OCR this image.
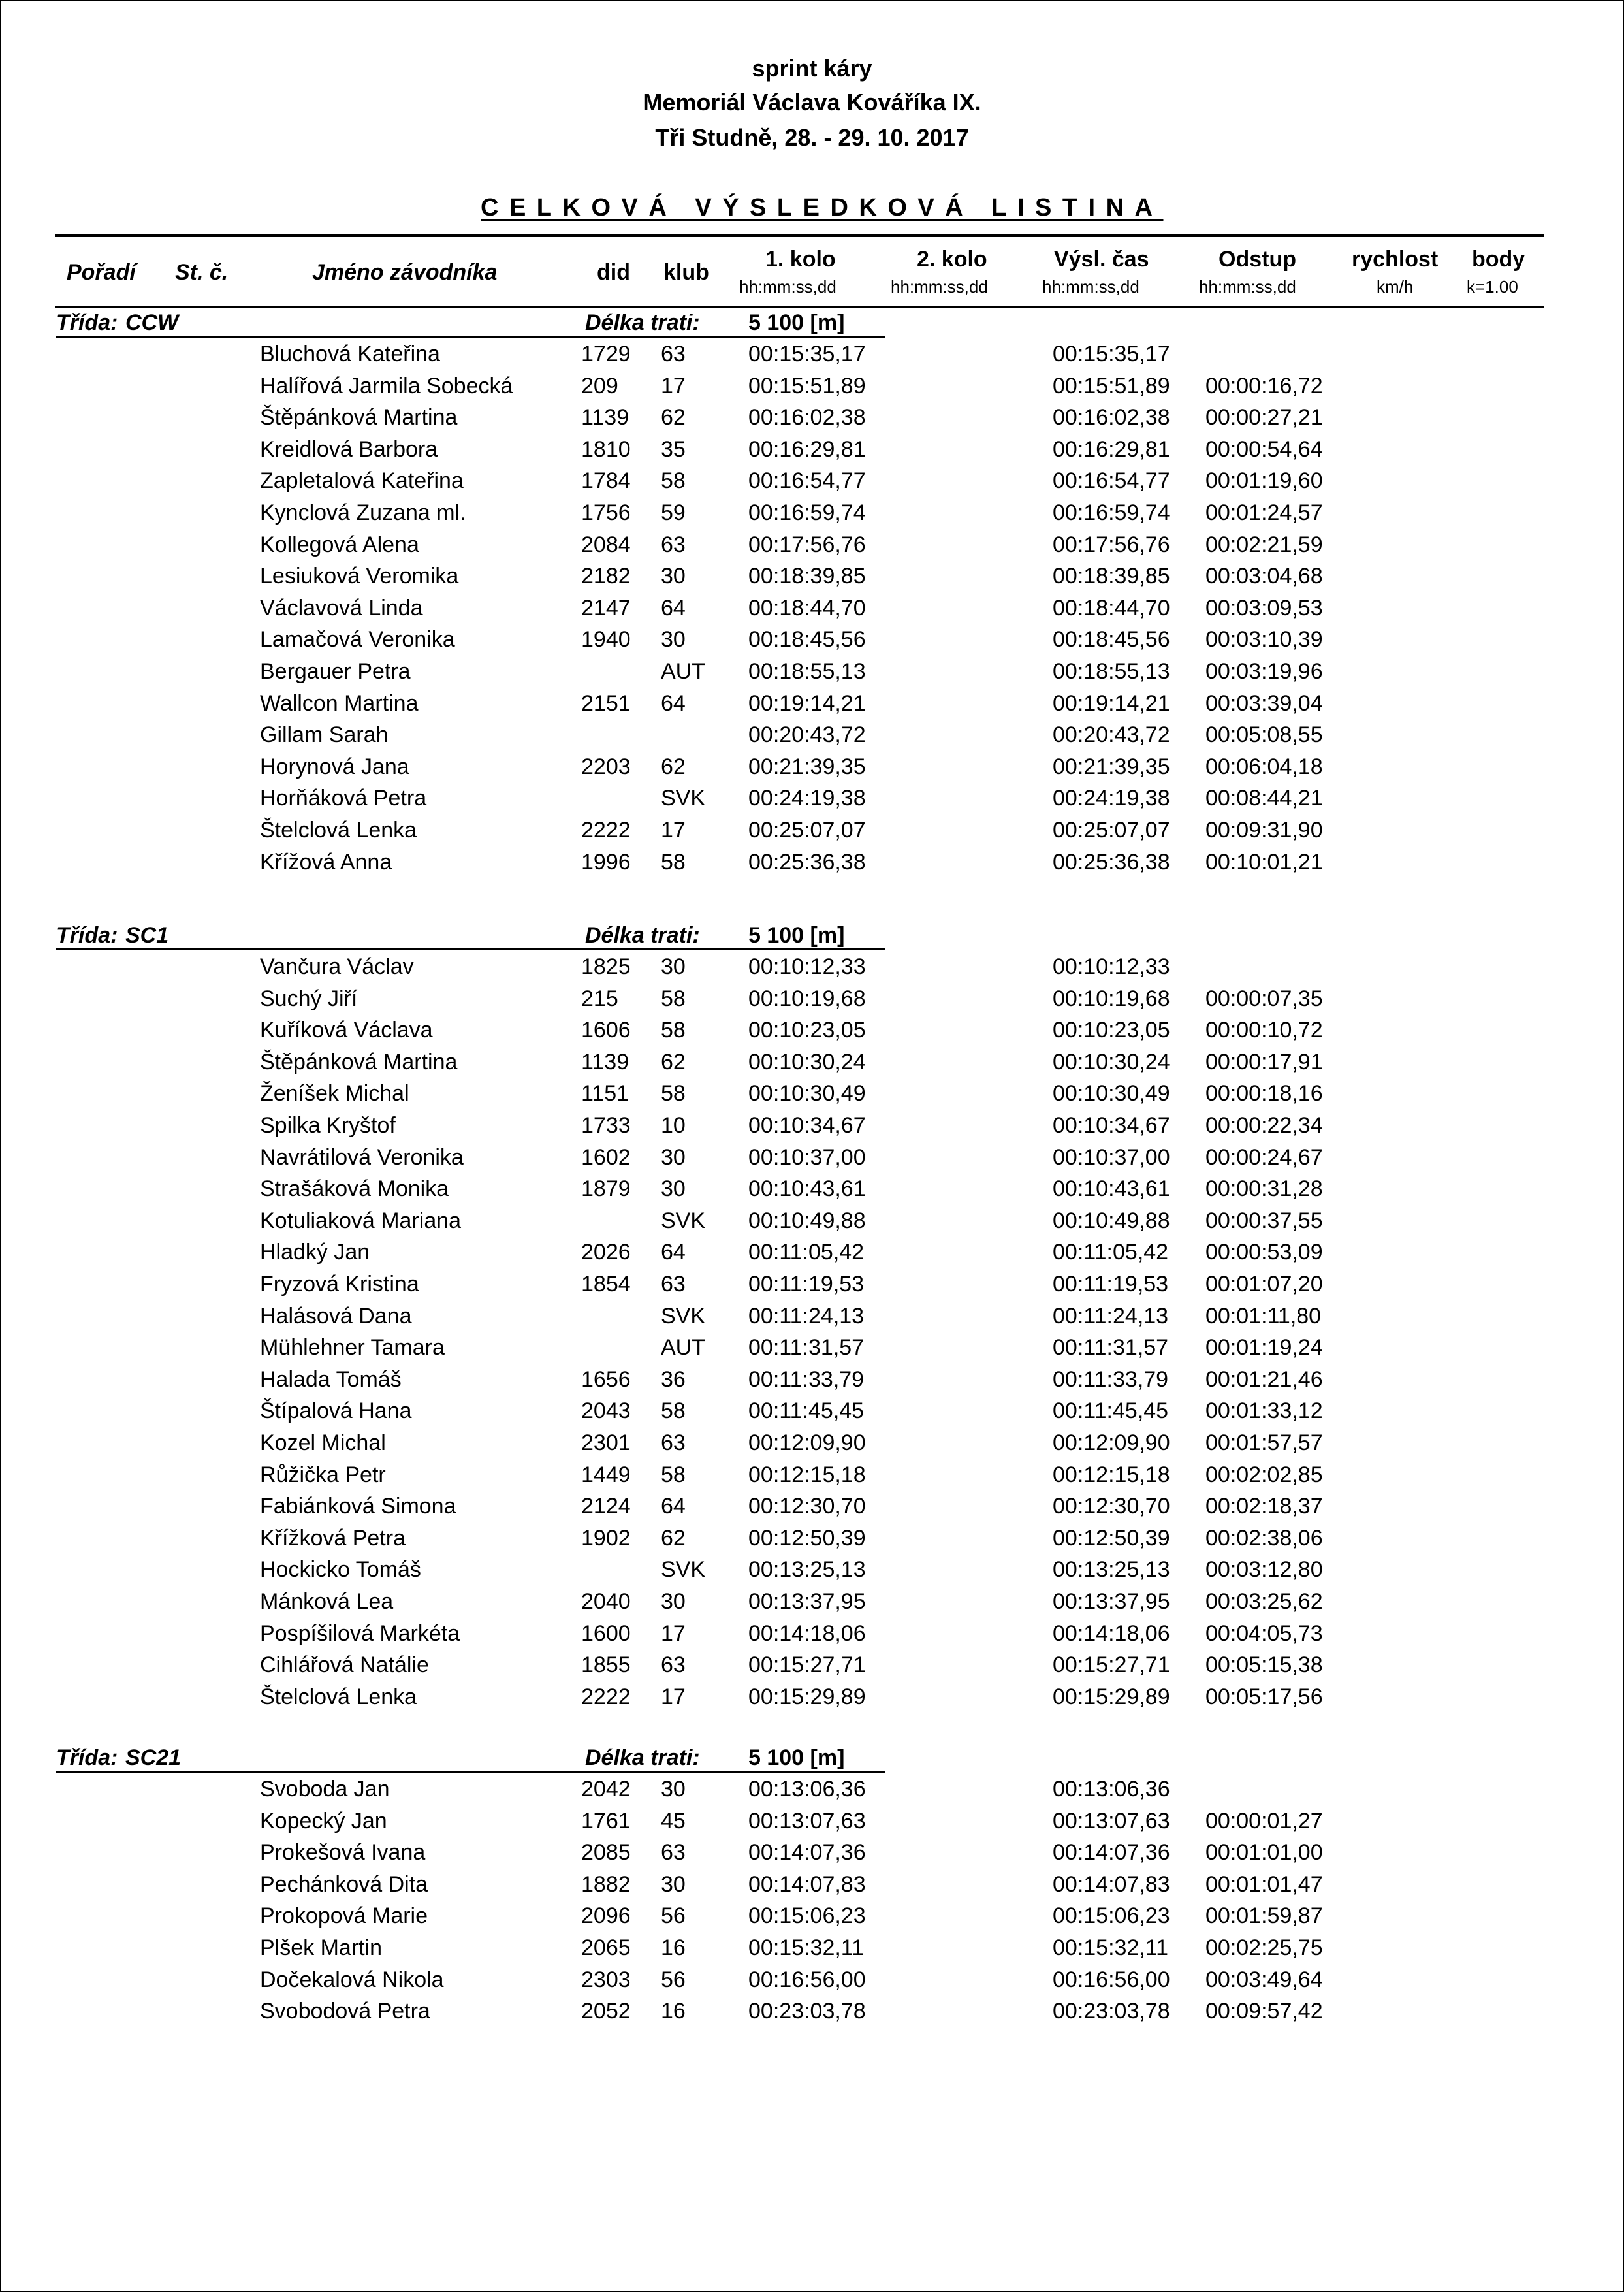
sprint káry
Memoriál Václava Kováříka IX.
Tři Studně, 28. - 29. 10. 2017
CELKOVÁ VÝSLEDKOVÁ LISTINA
Pořadí St. č.	Jméno závodníka	did klub
1. kolo	2. kolo	Výsl. čas	Odstup	rychlost body
hh:mm:ss,dd	hh:mm:ss,dd	hh:mm:ss,dd	hh:mm:ss,dd	km/h	k=1.00
Třída: CCW	Délka trati: 5 100 [m]
Bluchová Kateřina	1729 63	00:15:35,17	00:15:35,17
Halířová Jarmila Sobecká	209 17	00:15:51,89	00:15:51,89 00:00:16,72
Štěpánková Martina	1139 62	00:16:02,38	00:16:02,38 00:00:27,21
Kreidlová Barbora	1810 35	00:16:29,81	00:16:29,81 00:00:54,64
Zapletalová Kateřina	1784 58	00:16:54,77	00:16:54,77 00:01:19,60
Kynclová Zuzana ml.	1756 59	00:16:59,74	00:16:59,74 00:01:24,57
Kollegová Alena	2084 63	00:17:56,76	00:17:56,76 00:02:21,59
Lesiuková Veromika	2182 30	00:18:39,85	00:18:39,85 00:03:04,68
Václavová Linda	2147 64	00:18:44,70	00:18:44,70 00:03:09,53
Lamačová Veronika	1940 30	00:18:45,56	00:18:45,56 00:03:10,39
Bergauer Petra	AUT 00:18:55,13	00:18:55,13 00:03:19,96
Wallcon Martina	2151 64	00:19:14,21	00:19:14,21 00:03:39,04
Gillam Sarah	00:20:43,72	00:20:43,72 00:05:08,55
Horynová Jana	2203 62	00:21:39,35	00:21:39,35 00:06:04,18
Horňáková Petra	SVK 00:24:19,38	00:24:19,38 00:08:44,21
Štelclová Lenka	2222 17	00:25:07,07	00:25:07,07 00:09:31,90
Křížová Anna	1996 58	00:25:36,38	00:25:36,38 00:10:01,21
Třída: SC1	Délka trati: 5 100 [m]
Vančura Václav	1825 30	00:10:12,33	00:10:12,33
Suchý Jiří	215 58	00:10:19,68	00:10:19,68 00:00:07,35
Kuříková Václava	1606 58	00:10:23,05	00:10:23,05 00:00:10,72
Štěpánková Martina	1139 62	00:10:30,24	00:10:30,24 00:00:17,91
Ženíšek Michal	1151 58	00:10:30,49	00:10:30,49 00:00:18,16
Spilka Kryštof	1733 10	00:10:34,67	00:10:34,67 00:00:22,34
Navrátilová Veronika	1602 30	00:10:37,00	00:10:37,00 00:00:24,67
Strašáková Monika	1879 30	00:10:43,61	00:10:43,61 00:00:31,28
Kotuliaková Mariana	SVK 00:10:49,88	00:10:49,88 00:00:37,55
Hladký Jan	2026 64	00:11:05,42	00:11:05,42 00:00:53,09
Fryzová Kristina	1854 63	00:11:19,53	00:11:19,53 00:01:07,20
Halásová Dana	SVK 00:11:24,13	00:11:24,13 00:01:11,80
Mühlehner Tamara	AUT 00:11:31,57	00:11:31,57 00:01:19,24
Halada Tomáš	1656 36	00:11:33,79	00:11:33,79 00:01:21,46
Štípalová Hana	2043 58	00:11:45,45	00:11:45,45 00:01:33,12
Kozel Michal	2301 63	00:12:09,90	00:12:09,90 00:01:57,57
Růžička Petr	1449 58	00:12:15,18	00:12:15,18 00:02:02,85
Fabiánková Simona	2124 64	00:12:30,70	00:12:30,70 00:02:18,37
Křížková Petra	1902 62	00:12:50,39	00:12:50,39 00:02:38,06
Hockicko Tomáš	SVK 00:13:25,13	00:13:25,13 00:03:12,80
Mánková Lea	2040 30	00:13:37,95	00:13:37,95 00:03:25,62
Pospíšilová Markéta	1600 17	00:14:18,06	00:14:18,06 00:04:05,73
Cihlářová Natálie	1855 63	00:15:27,71	00:15:27,71 00:05:15,38
Štelclová Lenka	2222 17	00:15:29,89	00:15:29,89 00:05:17,56
Třída: SC21	Délka trati: 5 100 [m]
Svoboda Jan	2042 30	00:13:06,36	00:13:06,36
Kopecký Jan	1761 45	00:13:07,63	00:13:07,63 00:00:01,27
Prokešová Ivana	2085 63	00:14:07,36	00:14:07,36 00:01:01,00
Pechánková Dita	1882 30	00:14:07,83	00:14:07,83 00:01:01,47
Prokopová Marie	2096 56	00:15:06,23	00:15:06,23 00:01:59,87
Plšek Martin	2065 16	00:15:32,11	00:15:32,11 00:02:25,75
Dočekalová Nikola	2303 56	00:16:56,00	00:16:56,00 00:03:49,64
Svobodová Petra	2052 16	00:23:03,78	00:23:03,78 00:09:57,42
